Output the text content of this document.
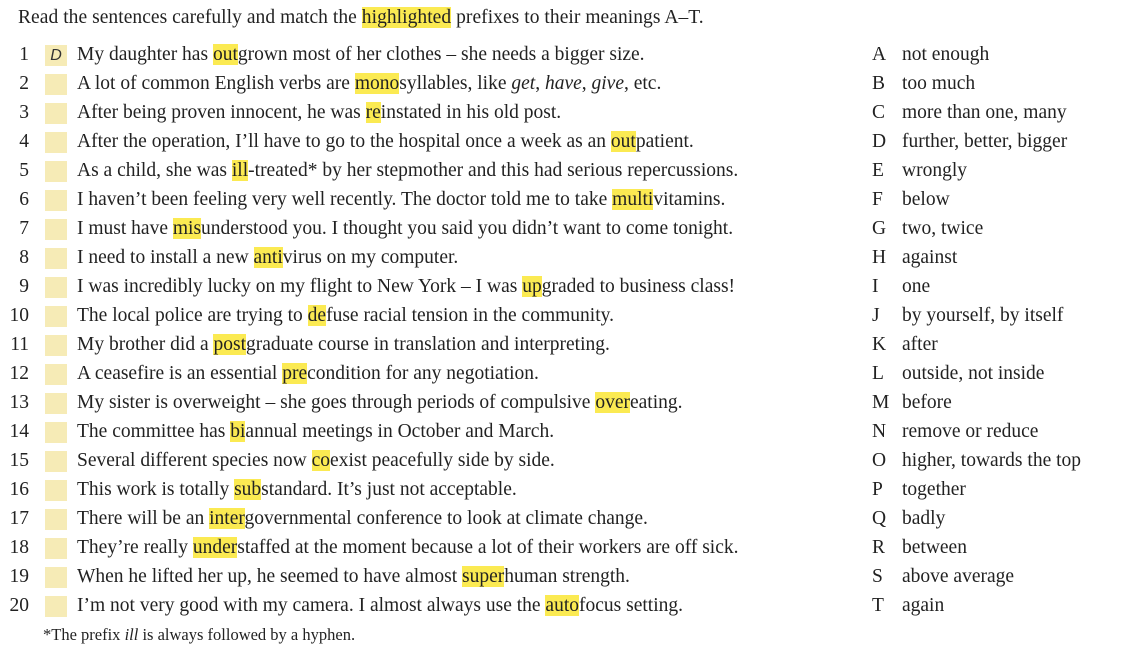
Read the sentences carefully and match the highlighted prefixes to their meanings A–T.
1	D My daughter has outgrown most of her clothes – she needs a bigger size.
2 A lot of common English verbs are monosyllables, like get, have, give, etc.
3 After being proven innocent, he was reinstated in his old post.
4 After the operation, I’ll have to go to the hospital once a week as an outpatient.
5 As a child, she was ill-treated* by her stepmother and this had serious repercussions.
6 I haven’t been feeling very well recently. The doctor told me to take multivitamins.
7 I must have misunderstood you. I thought you said you didn’t want to come tonight.
8 I need to install a new antivirus on my computer.
9 I was incredibly lucky on my flight to New York – I was upgraded to business class!
10 The local police are trying to defuse racial tension in the community.
11 My brother did a postgraduate course in translation and interpreting.
12 A ceasefire is an essential precondition for any negotiation.
13 My sister is overweight – she goes through periods of compulsive overeating.
14 The committee has biannual meetings in October and March.
15 Several different species now coexist peacefully side by side.
16 This work is totally substandard. It’s just not acceptable.
17 There will be an intergovernmental conference to look at climate change.
18 They’re really understaffed at the moment because a lot of their workers are off sick.
19 When he lifted her up, he seemed to have almost superhuman strength.
20 I’m not very good with my camera. I almost always use the autofocus setting.
A not enough
B too much
C more than one, many
D further, better, bigger
E wrongly
F below
G two, twice
H against
I	one
J	by yourself, by itself
K after
L outside, not inside
M before
N remove or reduce
O higher, towards the top
P together
Q badly
R between
S above average
T again
*The prefix ill is always followed by a hyphen.
